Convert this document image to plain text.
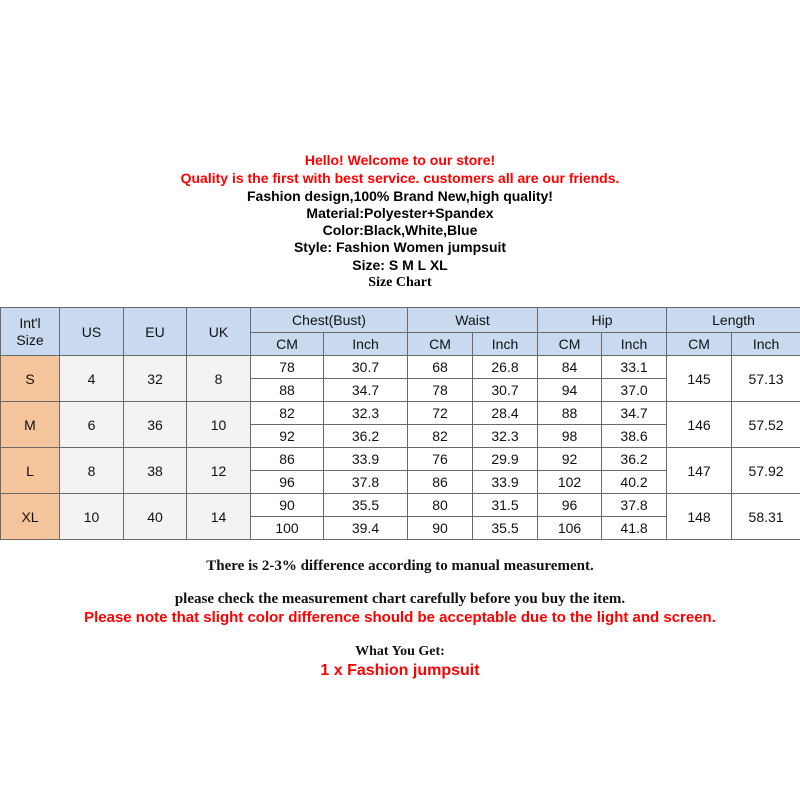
Hello! Welcome to our store!
Quality is the first with best service. customers all are our friends.
Fashion design,100% Brand New,high quality!
Material:Polyester+Spandex
Color:Black,White,Blue
Style: Fashion Women jumpsuit
Size: S M L XL
Size Chart
Int'l
Size	US	EU	UK	Chest(Bust)		Waist		Hip		Length	
				CM	Inch	CM	Inch	CM	Inch	CM	Inch
S	4	32	8	78	30.7	68	26.8	84	33.1	145	57.13
				88	34.7	78	30.7	94	37.0		
M	6	36	10	82	32.3	72	28.4	88	34.7	146	57.52
				92	36.2	82	32.3	98	38.6		
L	8	38	12	86	33.9	76	29.9	92	36.2	147	57.92
				96	37.8	86	33.9	102	40.2		
XL	10	40	14	90	35.5	80	31.5	96	37.8	148	58.31
				100	39.4	90	35.5	106	41.8		
There is 2-3% difference according to manual measurement.
please check the measurement chart carefully before you buy the item.
Please note that slight color difference should be acceptable due to the light and screen.
What You Get:
1 x Fashion jumpsuit
